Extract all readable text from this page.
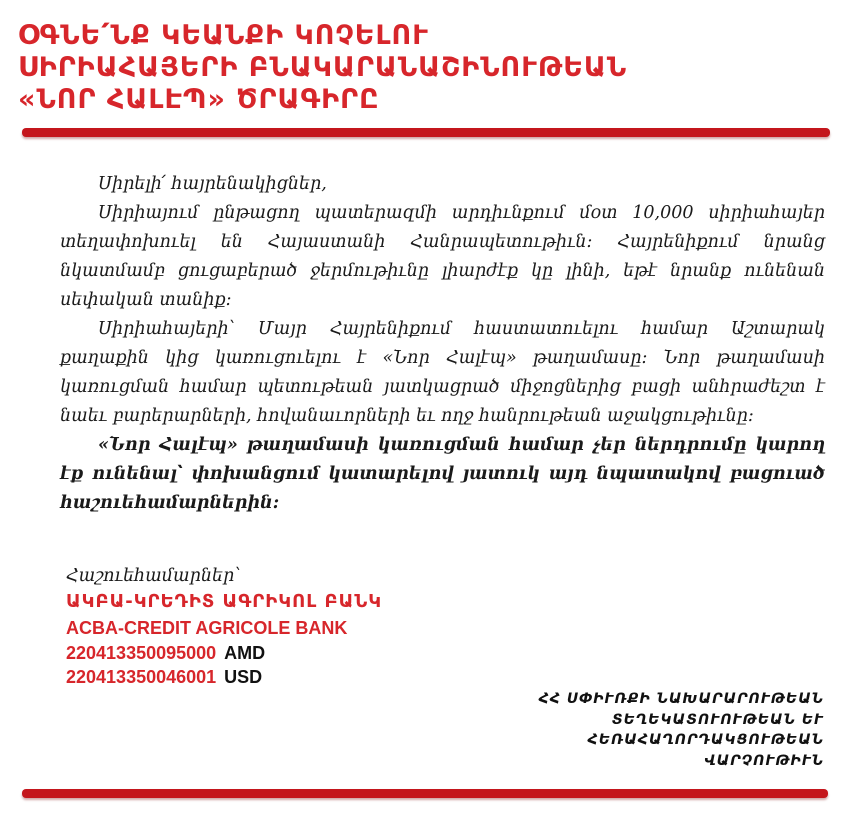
ՕԳՆԵ՛ՆՔ ԿԵԱՆՔԻ ԿՈՉԵԼՈՒ
ՍԻՐԻԱՀԱՅԵՐԻ ԲՆԱԿԱՐԱՆԱՇԻՆՈՒԹԵԱՆ
«ՆՈՐ ՀԱԼԷՊ» ԾՐԱԳԻՐԸ

Սիրելի՛ հայրենակիցներ,

Սիրիայում ընթացող պատերազմի արդիւնքում մօտ 10,000 սիրիահայեր տեղափոխուել են Հայաստանի Հանրապետութիւն: Հայրենիքում նրանց նկատմամբ ցուցաբերած ջերմութիւնը լիարժէք կը լինի, եթէ նրանք ունենան սեփական տանիք:

Սիրիահայերի՝ Մայր Հայրենիքում հաստատուելու համար Աշտարակ քաղաքին կից կառուցուելու է «Նոր Հալէպ» թաղամասը: Նոր թաղամասի կառուցման համար պետութեան յատկացրած միջոցներից բացի անհրաժեշտ է նաեւ բարերարների, հովանաւորների եւ ողջ հանրութեան աջակցութիւնը:

«Նոր Հալէպ» թաղամասի կառուցման համար չեր ներդրումը կարող էք ունենալ՝ փոխանցում կատարելով յատուկ այդ նպատակով բացուած հաշուեհամարներին:

Հաշուեհամարներ՝
ԱԿԲԱ-ԿՐԵԴԻՏ ԱԳՐԻԿՈԼ ԲԱՆԿ
ACBA-CREDIT AGRICOLE BANK
220413350095000 AMD
220413350046001 USD
ՀՀ ՍՓԻՒՌՔԻ ՆԱԽԱՐԱՐՈՒԹԵԱՆ
ՏԵՂԵԿԱՏՈՒՈՒԹԵԱՆ ԵՒ
ՀԵՌԱՀԱՂՈՐԴԱԿՑՈՒԹԵԱՆ
ՎԱՐՉՈՒԹԻՒՆ
